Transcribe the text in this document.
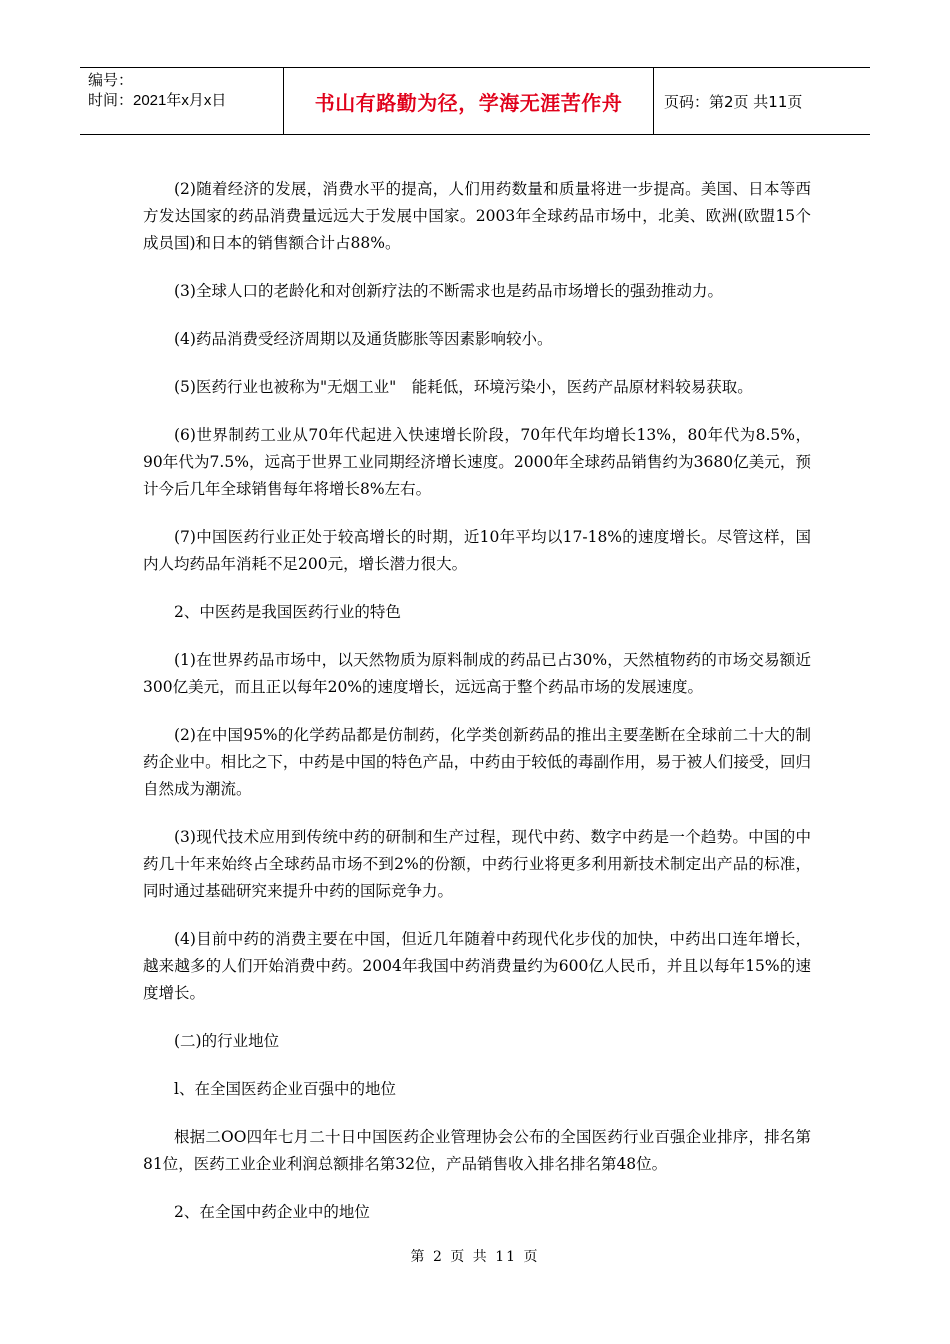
编号：
时间：2021年x月x日	书山有路勤为径，学海无涯苦作舟	页码：第2页 共11页

(2)随着经济的发展，消费水平的提高，人们用药数量和质量将进一步提高。美国、日本等西方发达国家的药品消费量远远大于发展中国家。2003年全球药品市场中，北美、欧洲(欧盟15个成员国)和日本的销售额合计占88%。

(3)全球人口的老龄化和对创新疗法的不断需求也是药品市场增长的强劲推动力。

(4)药品消费受经济周期以及通货膨胀等因素影响较小。

(5)医药行业也被称为"无烟工业"　能耗低，环境污染小，医药产品原材料较易获取。

(6)世界制药工业从70年代起进入快速增长阶段，70年代年均增长13%，80年代为8.5%，90年代为7.5%，远高于世界工业同期经济增长速度。2000年全球药品销售约为3680亿美元，预计今后几年全球销售每年将增长8%左右。

(7)中国医药行业正处于较高增长的时期，近10年平均以17-18%的速度增长。尽管这样，国内人均药品年消耗不足200元，增长潜力很大。

2、中医药是我国医药行业的特色

(1)在世界药品市场中，以天然物质为原料制成的药品已占30%，天然植物药的市场交易额近300亿美元，而且正以每年20%的速度增长，远远高于整个药品市场的发展速度。

(2)在中国95%的化学药品都是仿制药，化学类创新药品的推出主要垄断在全球前二十大的制药企业中。相比之下，中药是中国的特色产品，中药由于较低的毒副作用，易于被人们接受，回归自然成为潮流。

(3)现代技术应用到传统中药的研制和生产过程，现代中药、数字中药是一个趋势。中国的中药几十年来始终占全球药品市场不到2%的份额，中药行业将更多利用新技术制定出产品的标准，同时通过基础研究来提升中药的国际竞争力。

(4)目前中药的消费主要在中国，但近几年随着中药现代化步伐的加快，中药出口连年增长，越来越多的人们开始消费中药。2004年我国中药消费量约为600亿人民币，并且以每年15%的速度增长。

(二)的行业地位

l、在全国医药企业百强中的地位

根据二OO四年七月二十日中国医药企业管理协会公布的全国医药行业百强企业排序，排名第81位，医药工业企业利润总额排名第32位，产品销售收入排名排名第48位。

2、在全国中药企业中的地位

第 2 页 共 11 页
